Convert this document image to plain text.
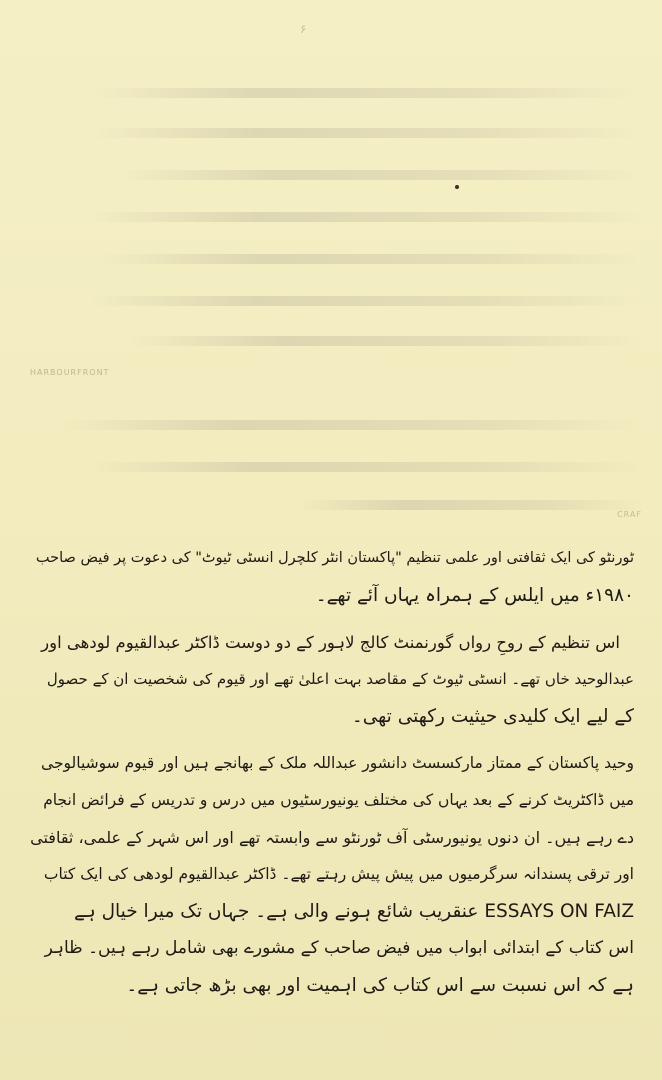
۶
HARBOURFRONT
CRAF
ٹورنٹو کی ایک ثقافتی اور علمی تنظیم "پاکستان انٹر کلچرل انسٹی ٹیوٹ" کی دعوت پر فیض صاحب
۱۹۸۰ء میں ایلس کے ہمراہ یہاں آئے تھے۔
اس تنظیم کے روحِ رواں گورنمنٹ کالج لاہور کے دو دوست ڈاکٹر عبدالقیوم لودھی اور
عبدالوحید خاں تھے۔ انسٹی ٹیوٹ کے مقاصد بہت اعلیٰ تھے اور قیوم کی شخصیت ان کے حصول
کے لیے ایک کلیدی حیثیت رکھتی تھی۔
وحید پاکستان کے ممتاز مارکسسٹ دانشور عبداللہ ملک کے بھانجے ہیں اور قیوم سوشیالوجی
میں ڈاکٹریٹ کرنے کے بعد یہاں کی مختلف یونیورسٹیوں میں درس و تدریس کے فرائض انجام
دے رہے ہیں۔ ان دنوں یونیورسٹی آف ٹورنٹو سے وابستہ تھے اور اس شہر کے علمی، ثقافتی
اور ترقی پسندانہ سرگرمیوں میں پیش پیش رہتے تھے۔ ڈاکٹر عبدالقیوم لودھی کی ایک کتاب
ESSAYS ON FAIZ عنقریب شائع ہونے والی ہے۔ جہاں تک میرا خیال ہے
اس کتاب کے ابتدائی ابواب میں فیض صاحب کے مشورے بھی شامل رہے ہیں۔ ظاہر
ہے کہ اس نسبت سے اس کتاب کی اہمیت اور بھی بڑھ جاتی ہے۔
